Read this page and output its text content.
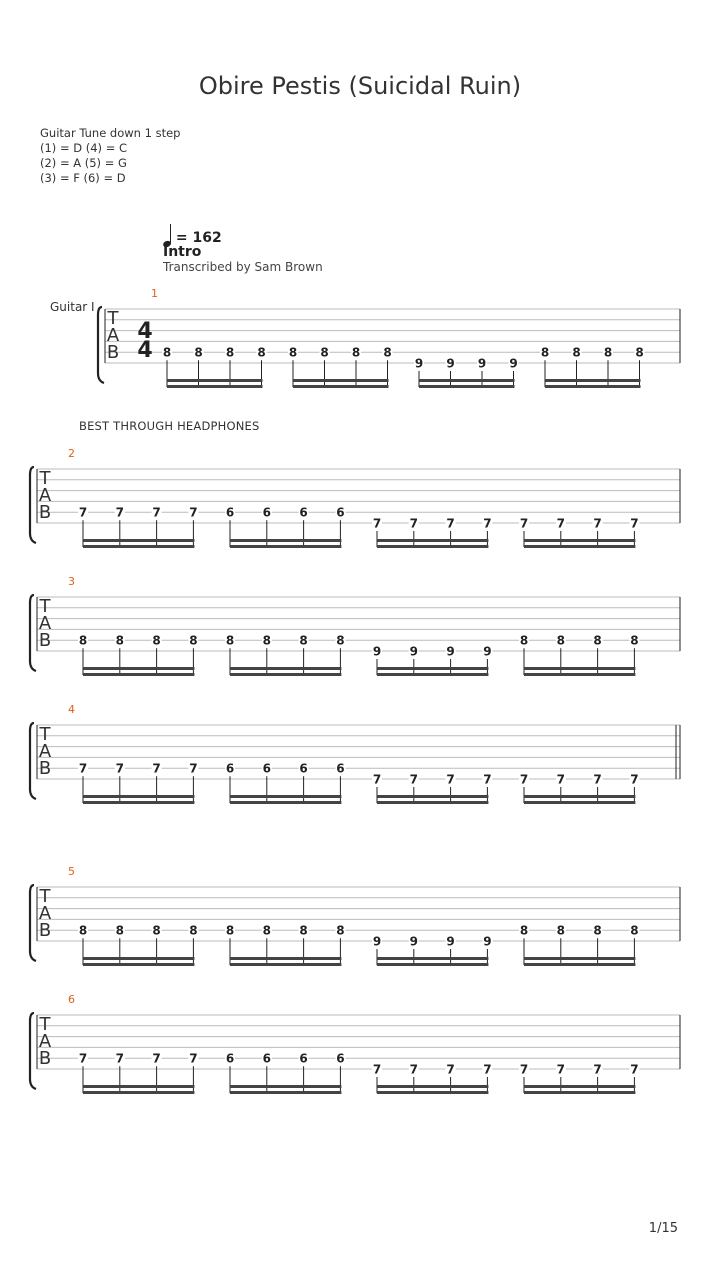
Obire Pestis (Suicidal Ruin)
Guitar Tune down 1 step
(1) = D (4) = C
(2) = A (5) = G
(3) = F (6) = D
= 162
Intro
Transcribed by Sam Brown
Guitar I
BEST THROUGH HEADPHONES
T
A
B
4
4
1
8 8 8 8 8 8 8 8
9 9 9 9
8 8 8 8
T
A
B
2
7 7 7 7 6 6 6 6
7 7 7 7 7 7 7 7
T
A
B
3
8 8 8 8 8 8 8 8
9 9 9 9
8 8 8 8
T
A
B
4
7 7 7 7 6 6 6 6
7 7 7 7 7 7 7 7
T
A
B
5
8 8 8 8 8 8 8 8
9 9 9 9
8 8 8 8
T
A
B
6
7 7 7 7 6 6 6 6
7 7 7 7 7 7 7 7
1/15
